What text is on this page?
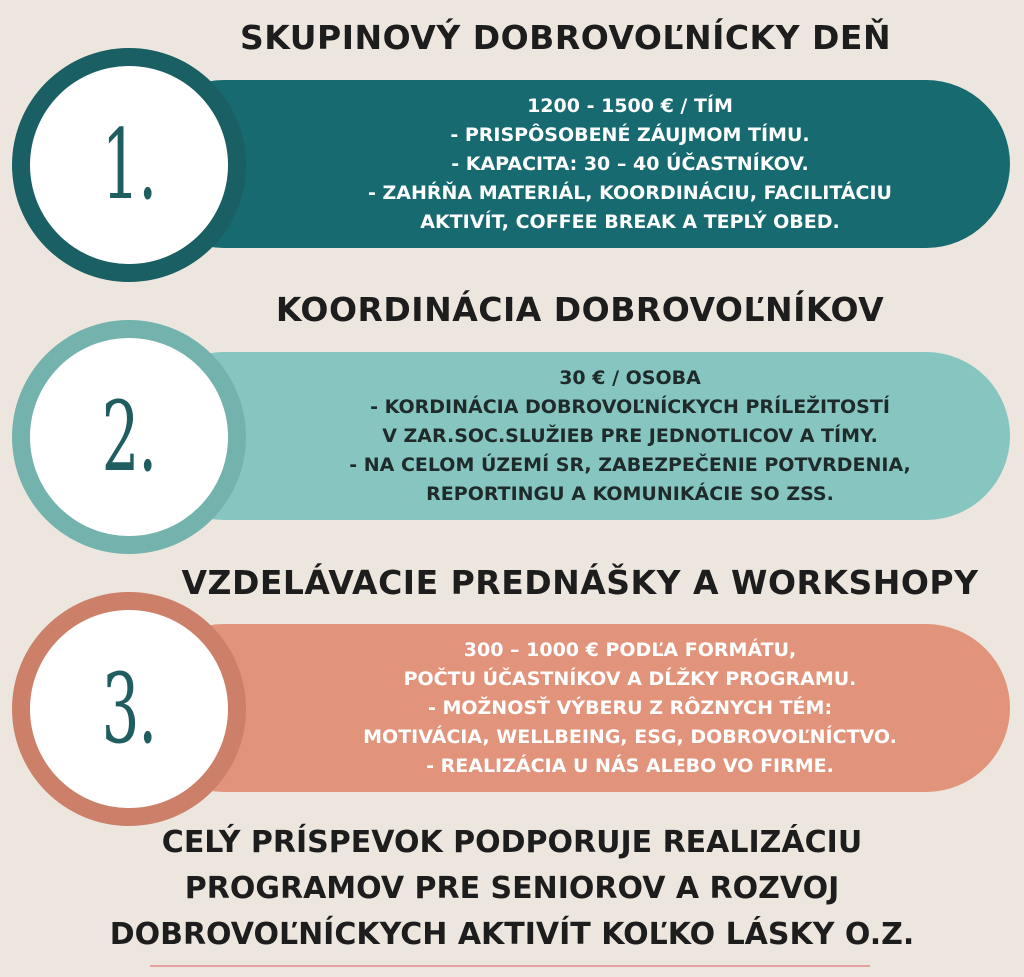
SKUPINOVÝ DOBROVOĽNÍCKY DEŇ
1200 - 1500 € / TÍM
- PRISPÔSOBENÉ ZÁUJMOM TÍMU.
- KAPACITA: 30 – 40 ÚČASTNÍKOV.
- ZAHŔŇA MATERIÁL, KOORDINÁCIU, FACILITÁCIU
AKTIVÍT, COFFEE BREAK A TEPLÝ OBED.
1.
KOORDINÁCIA DOBROVOĽNÍKOV
30 € / OSOBA
- KORDINÁCIA DOBROVOĽNÍCKYCH PRÍLEŽITOSTÍ
V ZAR.SOC.SLUŽIEB PRE JEDNOTLICOV A TÍMY.
- NA CELOM ÚZEMÍ SR, ZABEZPEČENIE POTVRDENIA,
REPORTINGU A KOMUNIKÁCIE SO ZSS.
2.
VZDELÁVACIE PREDNÁŠKY A WORKSHOPY
300 – 1000 € PODĽA FORMÁTU,
POČTU ÚČASTNÍKOV A DĹŽKY PROGRAMU.
- MOŽNOSŤ VÝBERU Z RÔZNYCH TÉM:
MOTIVÁCIA, WELLBEING, ESG, DOBROVOĽNÍCTVO.
- REALIZÁCIA U NÁS ALEBO VO FIRME.
3.
CELÝ PRÍSPEVOK PODPORUJE REALIZÁCIU
PROGRAMOV PRE SENIOROV A ROZVOJ
DOBROVOĽNÍCKYCH AKTIVÍT KOĽKO LÁSKY O.Z.
